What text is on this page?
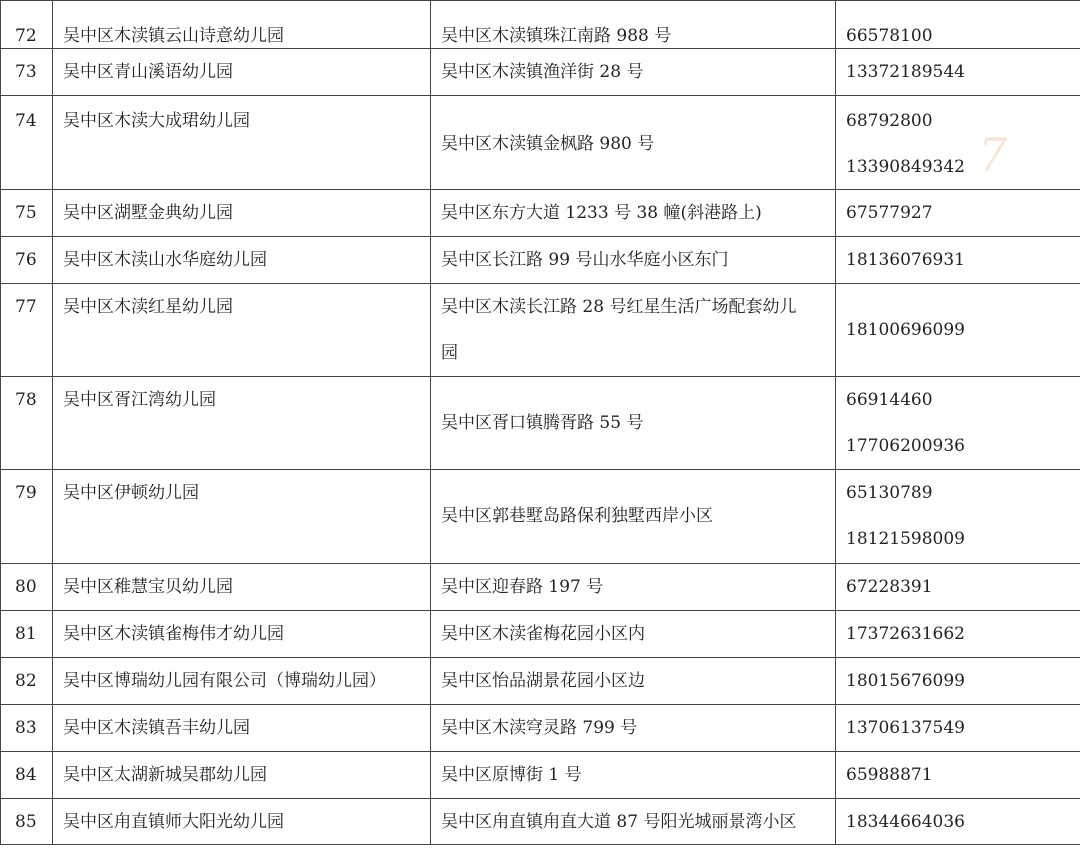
72	吴中区木渎镇云山诗意幼儿园	吴中区木渎镇珠江南路 988 号	66578100
73	吴中区青山溪语幼儿园	吴中区木渎镇渔洋街 28 号	13372189544
74	吴中区木渎大成珺幼儿园	吴中区木渎镇金枫路 980 号	68792800
13390849342

75	吴中区湖墅金典幼儿园	吴中区东方大道 1233 号 38 幢(斜港路上)	67577927
76	吴中区木渎山水华庭幼儿园	吴中区长江路 99 号山水华庭小区东门	18136076931
77	吴中区木渎红星幼儿园	吴中区木渎长江路 28 号红星生活广场配套幼儿
园	18100696099
78	吴中区胥江湾幼儿园	吴中区胥口镇腾胥路 55 号	66914460
17706200936

79	吴中区伊顿幼儿园	吴中区郭巷墅岛路保利独墅西岸小区	65130789
18121598009

80	吴中区稚慧宝贝幼儿园	吴中区迎春路 197 号	67228391
81	吴中区木渎镇雀梅伟才幼儿园	吴中区木渎雀梅花园小区内	17372631662
82	吴中区博瑞幼儿园有限公司（博瑞幼儿园）	吴中区怡品湖景花园小区边	18015676099
83	吴中区木渎镇吾丰幼儿园	吴中区木渎穹灵路 799 号	13706137549
84	吴中区太湖新城吴郡幼儿园	吴中区原博街 1 号	65988871
85	吴中区甪直镇师大阳光幼儿园	吴中区甪直镇甪直大道 87 号阳光城丽景湾小区	18344664036
7
